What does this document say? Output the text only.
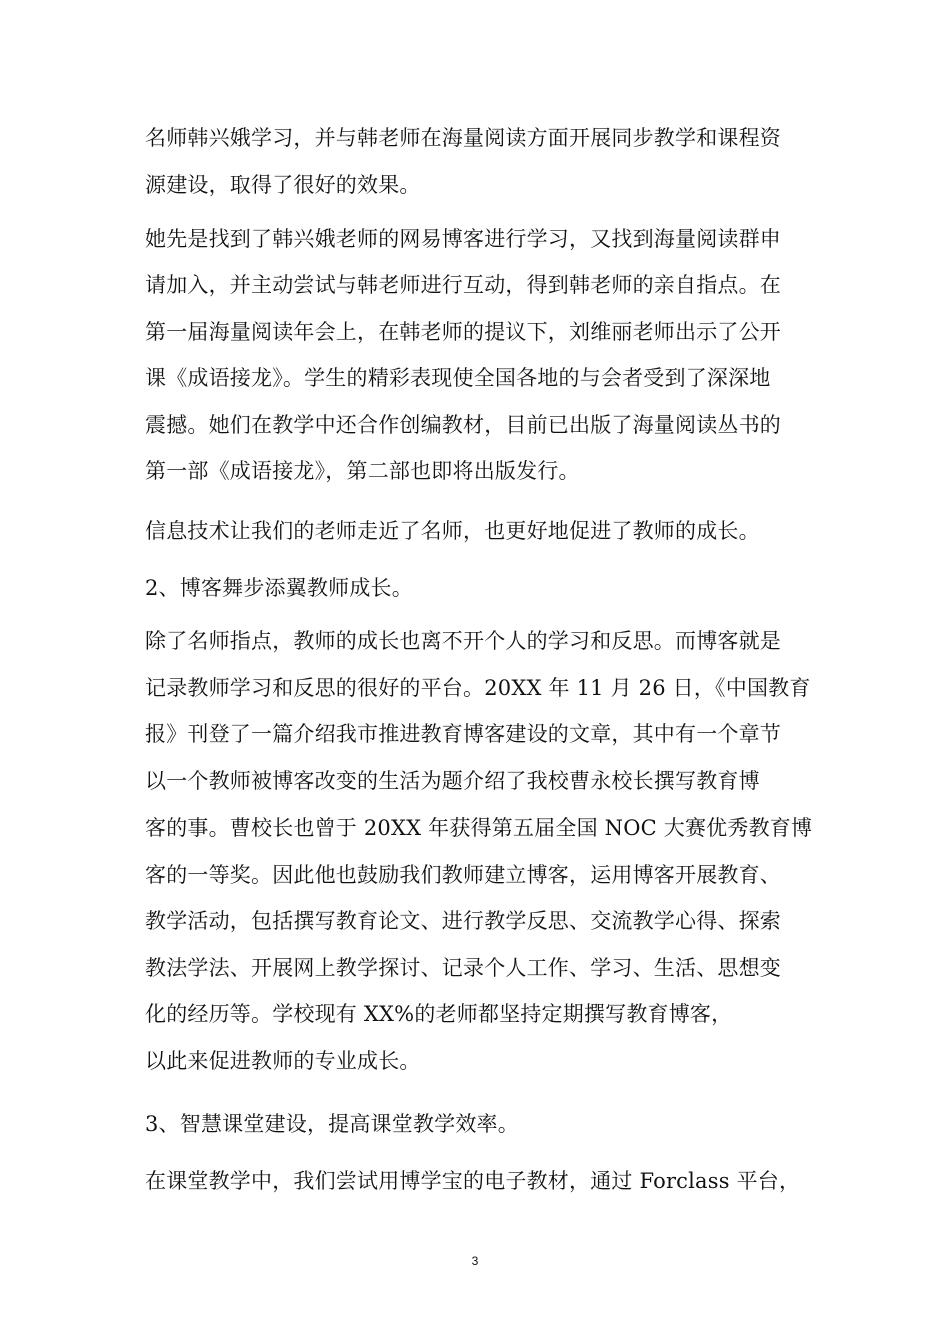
名师韩兴娥学习，并与韩老师在海量阅读方面开展同步教学和课程资
源建设，取得了很好的效果。
她先是找到了韩兴娥老师的网易博客进行学习，又找到海量阅读群申
请加入，并主动尝试与韩老师进行互动，得到韩老师的亲自指点。在
第一届海量阅读年会上，在韩老师的提议下，刘维丽老师出示了公开
课《成语接龙》。学生的精彩表现使全国各地的与会者受到了深深地
震撼。她们在教学中还合作创编教材，目前已出版了海量阅读丛书的
第一部《成语接龙》，第二部也即将出版发行。
信息技术让我们的老师走近了名师，也更好地促进了教师的成长。
2、博客舞步添翼教师成长。
除了名师指点，教师的成长也离不开个人的学习和反思。而博客就是
记录教师学习和反思的很好的平台。20XX 年 11 月 26 日，《中国教育
报》刊登了一篇介绍我市推进教育博客建设的文章，其中有一个章节
以一个教师被博客改变的生活为题介绍了我校曹永校长撰写教育博
客的事。曹校长也曾于 20XX 年获得第五届全国 NOC 大赛优秀教育博
客的一等奖。因此他也鼓励我们教师建立博客，运用博客开展教育、
教学活动，包括撰写教育论文、进行教学反思、交流教学心得、探索
教法学法、开展网上教学探讨、记录个人工作、学习、生活、思想变
化的经历等。学校现有 XX%的老师都坚持定期撰写教育博客，
以此来促进教师的专业成长。
3、智慧课堂建设，提高课堂教学效率。
在课堂教学中，我们尝试用博学宝的电子教材，通过 Forclass 平台，
3
